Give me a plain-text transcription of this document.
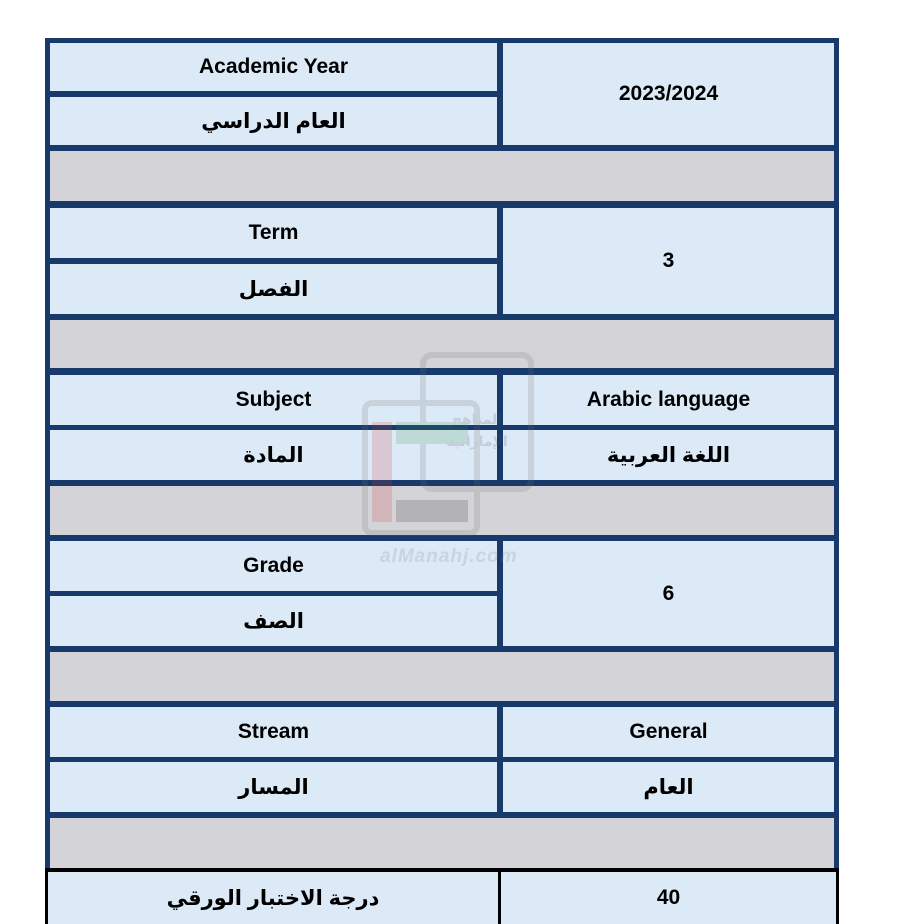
Academic Year
العام الدراسي
2023/2024
Term
الفصل
3
Subject
المادة
Arabic language
اللغة العربية
Grade
الصف
6
Stream
المسار
General
العام
درجة الاختبار الورقي	40
